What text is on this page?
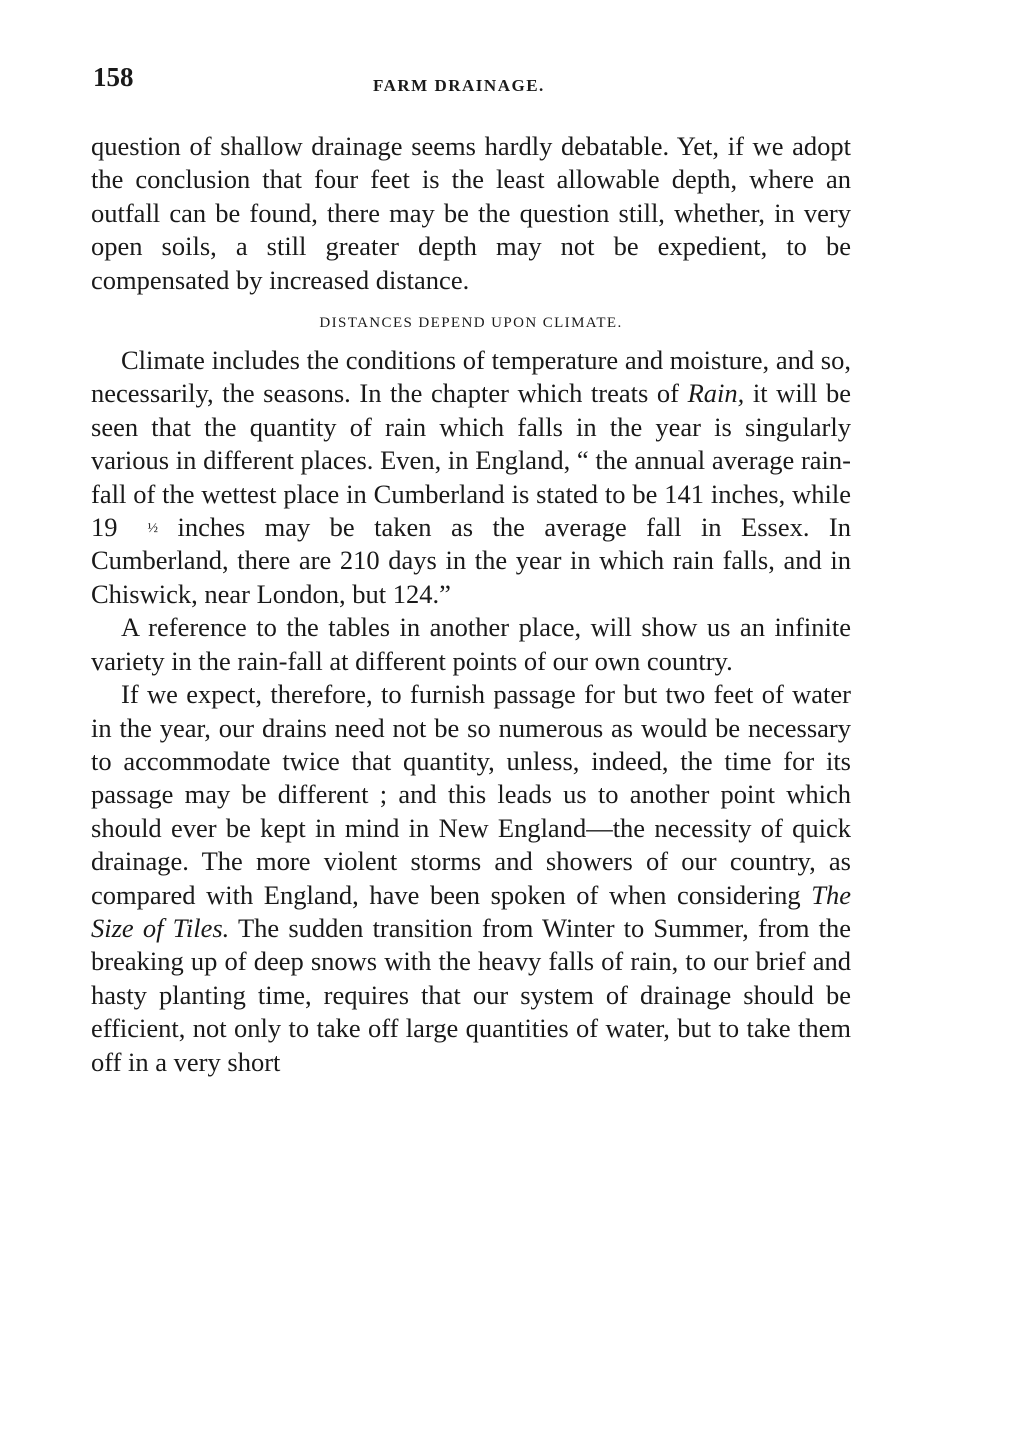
158	FARM DRAINAGE.

question of shallow drainage seems hardly debatable. Yet, if we adopt the conclusion that four feet is the least allowable depth, where an outfall can be found, there may be the question still, whether, in very open soils, a still greater depth may not be expedient, to be compensated by increased distance.

DISTANCES DEPEND UPON CLIMATE.

Climate includes the conditions of temperature and moisture, and so, necessarily, the seasons. In the chapter which treats of Rain, it will be seen that the quantity of rain which falls in the year is singularly various in different places. Even, in England, “ the annual average rain-fall of the wettest place in Cumberland is stated to be 141 inches, while 19 ½ inches may be taken as the average fall in Essex. In Cumberland, there are 210 days in the year in which rain falls, and in Chiswick, near London, but 124.”

A reference to the tables in another place, will show us an infinite variety in the rain-fall at different points of our own country.

If we expect, therefore, to furnish passage for but two feet of water in the year, our drains need not be so numerous as would be necessary to accommodate twice that quantity, unless, indeed, the time for its passage may be different ; and this leads us to another point which should ever be kept in mind in New England—the necessity of quick drainage. The more violent storms and showers of our country, as compared with England, have been spoken of when considering The Size of Tiles. The sudden transition from Winter to Summer, from the breaking up of deep snows with the heavy falls of rain, to our brief and hasty planting time, requires that our system of drainage should be efficient, not only to take off large quantities of water, but to take them off in a very short
